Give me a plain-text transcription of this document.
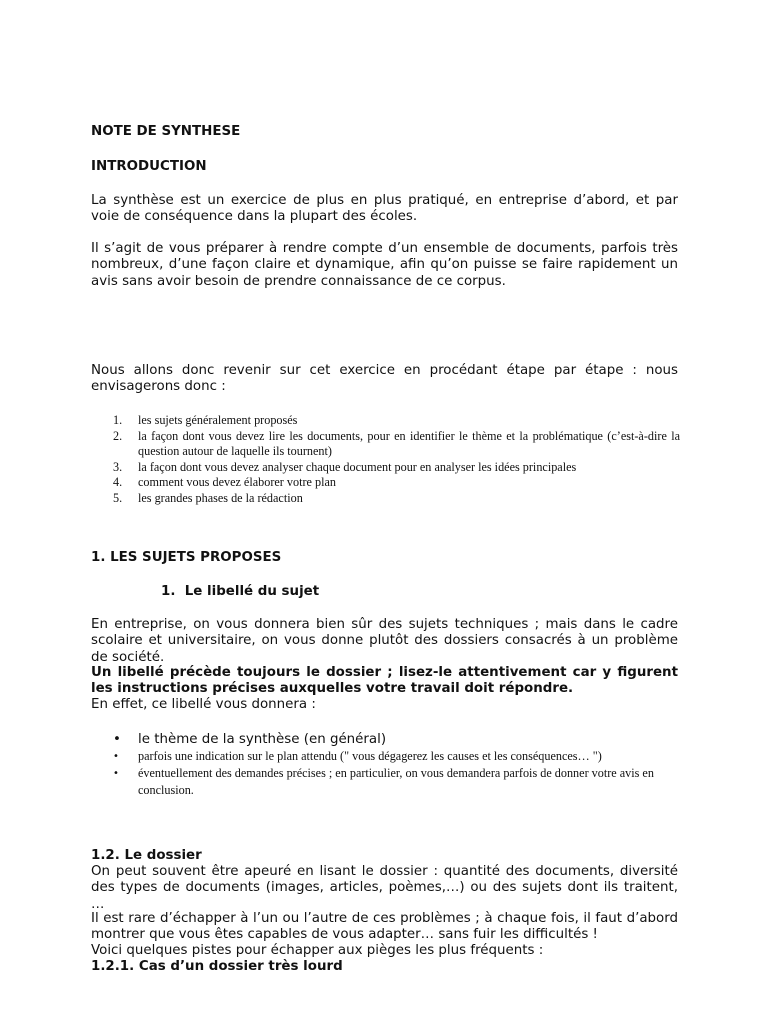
NOTE DE SYNTHESE

INTRODUCTION

La synthèse est un exercice de plus en plus pratiqué, en entreprise d’abord, et par voie de conséquence dans la plupart des écoles.

Il s’agit de vous préparer à rendre compte d’un ensemble de documents, parfois très nombreux, d’une façon claire et dynamique, afin qu’on puisse se faire rapidement un avis sans avoir besoin de prendre connaissance de ce corpus.

Nous allons donc revenir sur cet exercice en procédant étape par étape : nous envisagerons donc :

1. les sujets généralement proposés
2. la façon dont vous devez lire les documents, pour en identifier le thème et la problématique (c’est-à-dire la question autour de laquelle ils tournent)
3. la façon dont vous devez analyser chaque document pour en analyser les idées principales
4. comment vous devez élaborer votre plan
5. les grandes phases de la rédaction

1. LES SUJETS PROPOSES

1. Le libellé du sujet

En entreprise, on vous donnera bien sûr des sujets techniques ; mais dans le cadre scolaire et universitaire, on vous donne plutôt des dossiers consacrés à un problème de société.

Un libellé précède toujours le dossier ; lisez-le attentivement car y figurent les instructions précises auxquelles votre travail doit répondre.

En effet, ce libellé vous donnera :

• le thème de la synthèse (en général)
• parfois une indication sur le plan attendu (" vous dégagerez les causes et les conséquences… ")
• éventuellement des demandes précises ; en particulier, on vous demandera parfois de donner votre avis en conclusion.

1.2. Le dossier

On peut souvent être apeuré en lisant le dossier : quantité des documents, diversité des types de documents (images, articles, poèmes,…) ou des sujets dont ils traitent, …

Il est rare d’échapper à l’un ou l’autre de ces problèmes ; à chaque fois, il faut d’abord montrer que vous êtes capables de vous adapter… sans fuir les difficultés !

Voici quelques pistes pour échapper aux pièges les plus fréquents :

1.2.1. Cas d’un dossier très lourd
